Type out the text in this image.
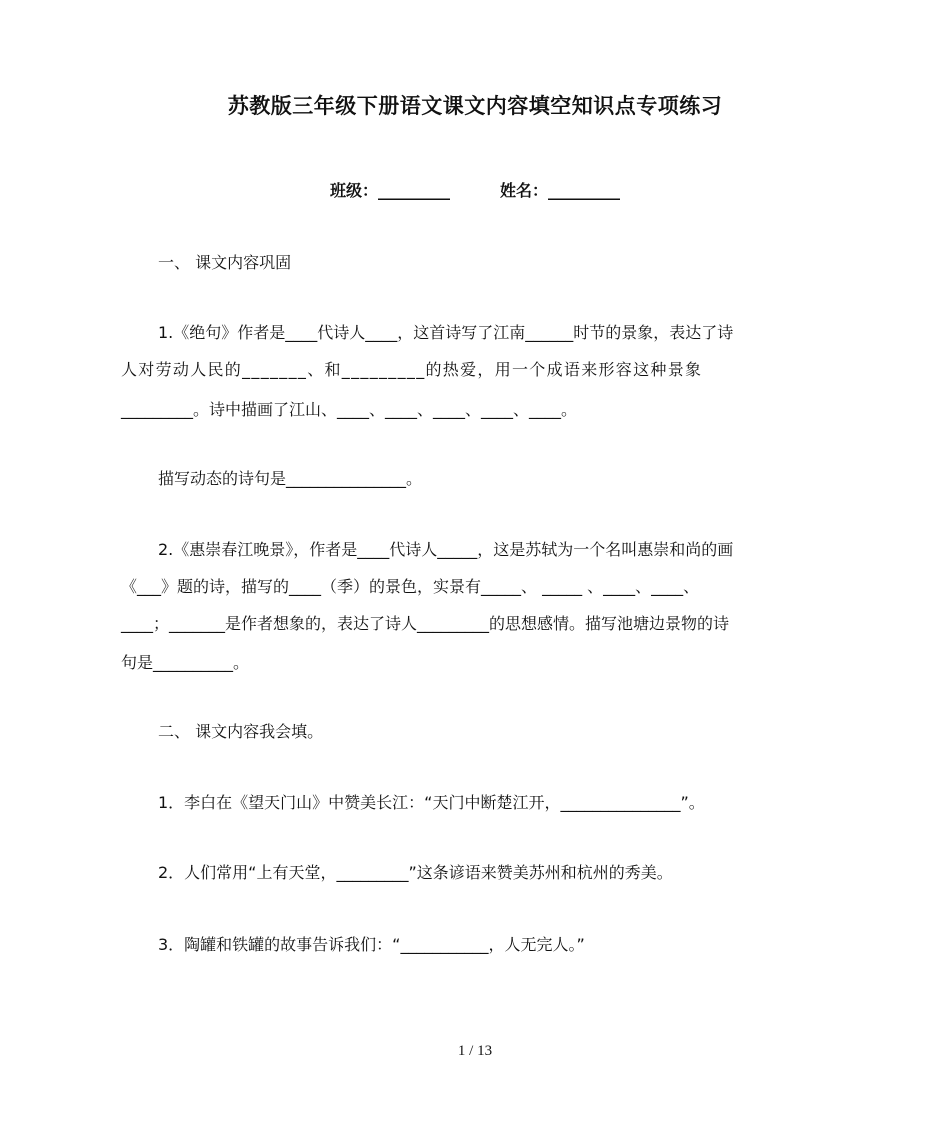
苏教版三年级下册语文课文内容填空知识点专项练习
班级：_________	姓名：_________
一、 课文内容巩固
1.《绝句》作者是____代诗人____，这首诗写了江南______时节的景象，表达了诗
人对劳动人民的_______、和_________的热爱，用一个成语来形容这种景象
_________。诗中描画了江山、____、____、____、____、____。
描写动态的诗句是_______________。
2.《惠崇春江晚景》，作者是____代诗人_____，这是苏轼为一个名叫惠崇和尚的画
《___》题的诗，描写的____（季）的景色，实景有_____、 _____ 、____、____、
____；_______是作者想象的，表达了诗人_________的思想感情。描写池塘边景物的诗
句是__________。
二、 课文内容我会填。
1．李白在《望天门山》中赞美长江：“天门中断楚江开，_______________”。
2．人们常用“上有天堂，_________”这条谚语来赞美苏州和杭州的秀美。
3．陶罐和铁罐的故事告诉我们：“___________，人无完人。”
1 / 13
